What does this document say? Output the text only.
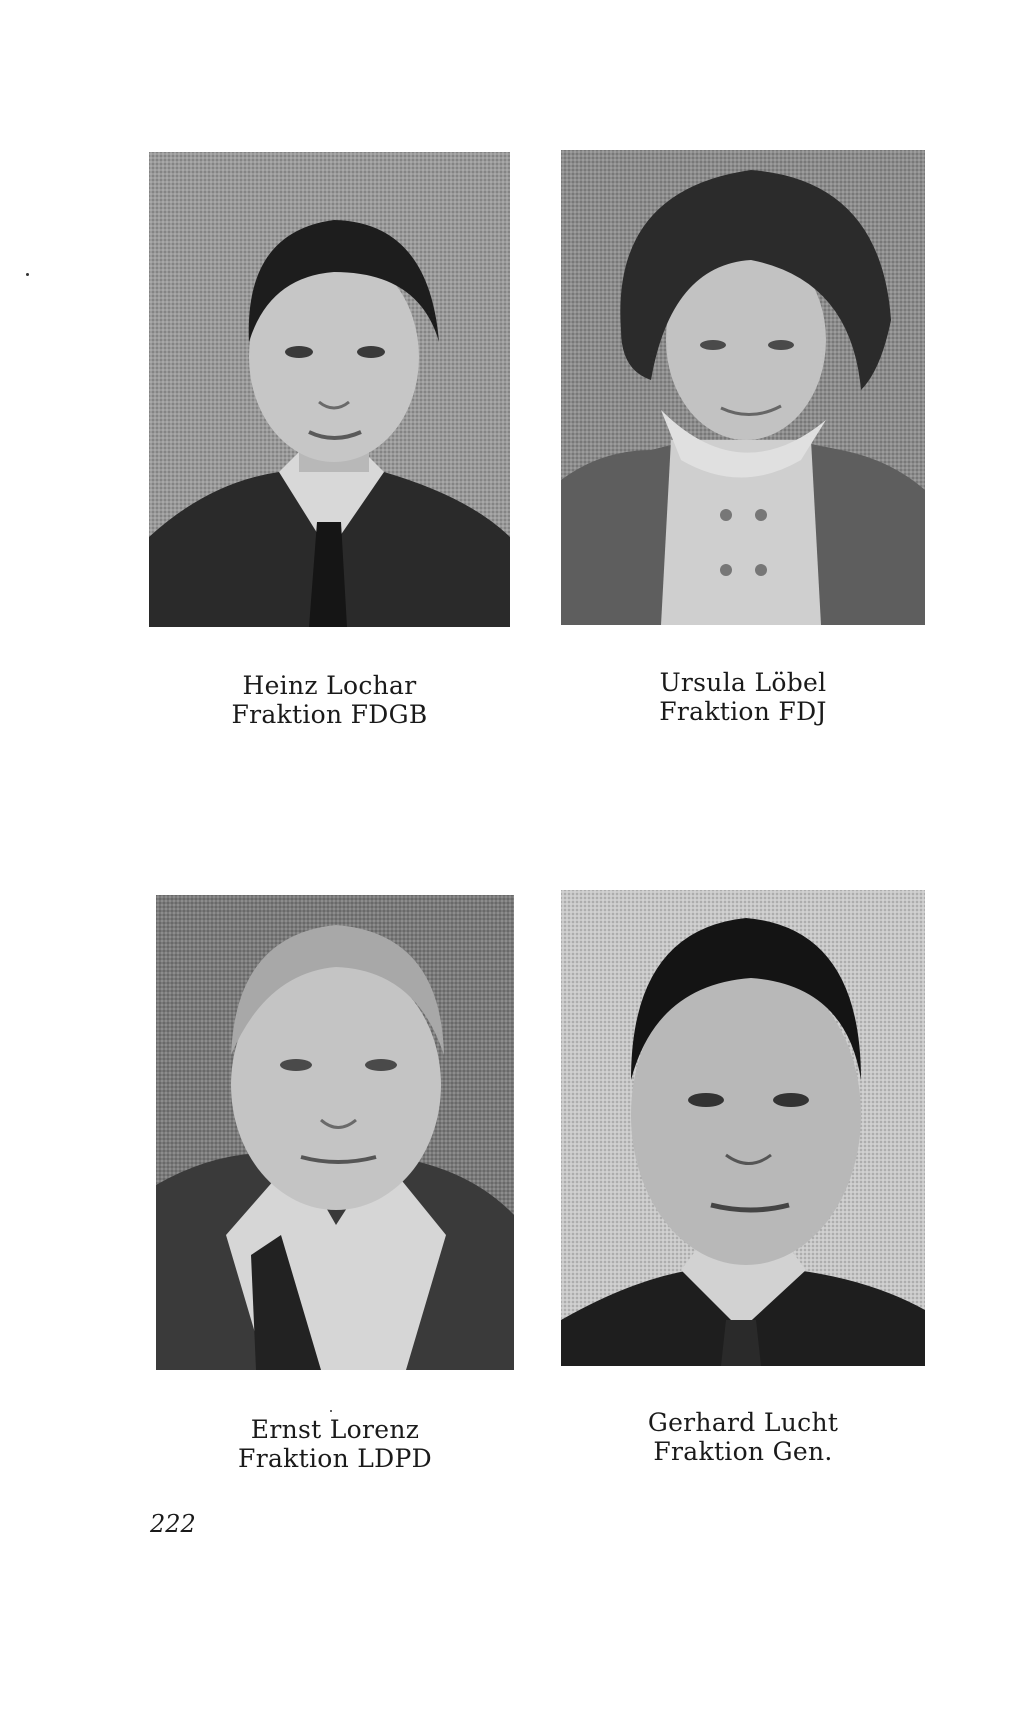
Heinz Lochar
Fraktion FDGB
Ursula Löbel
Fraktion FDJ
Ernst Lorenz
Fraktion LDPD
Gerhard Lucht
Fraktion Gen.
222
